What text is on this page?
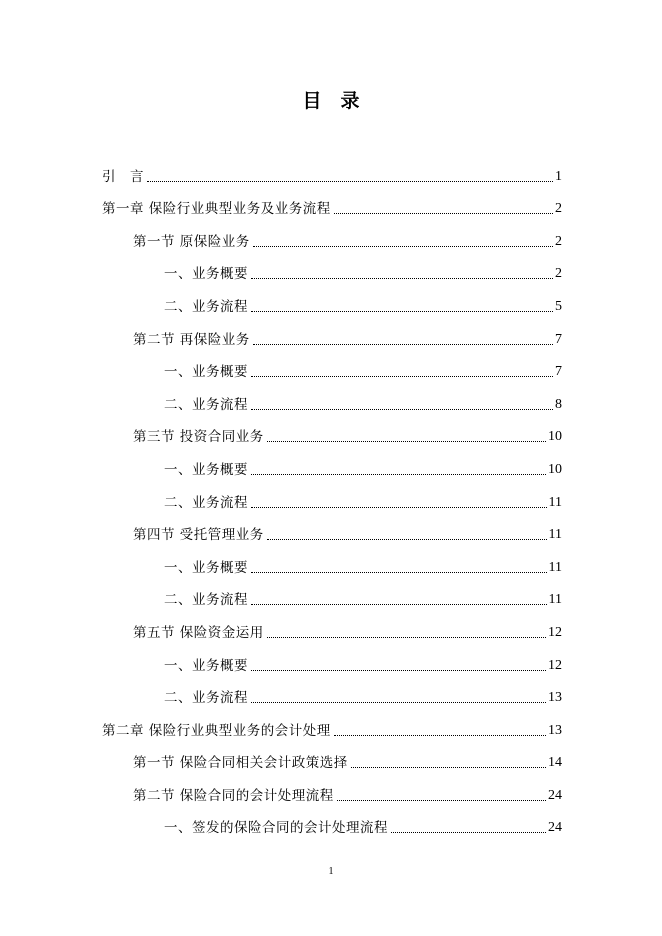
目　录
引　言	1
第一章 保险行业典型业务及业务流程	2
第一节 原保险业务	2
一、业务概要	2
二、业务流程	5
第二节 再保险业务	7
一、业务概要	7
二、业务流程	8
第三节 投资合同业务	10
一、业务概要	10
二、业务流程	11
第四节 受托管理业务	11
一、业务概要	11
二、业务流程	11
第五节 保险资金运用	12
一、业务概要	12
二、业务流程	13
第二章 保险行业典型业务的会计处理	13
第一节 保险合同相关会计政策选择	14
第二节 保险合同的会计处理流程	24
一、签发的保险合同的会计处理流程	24
1
